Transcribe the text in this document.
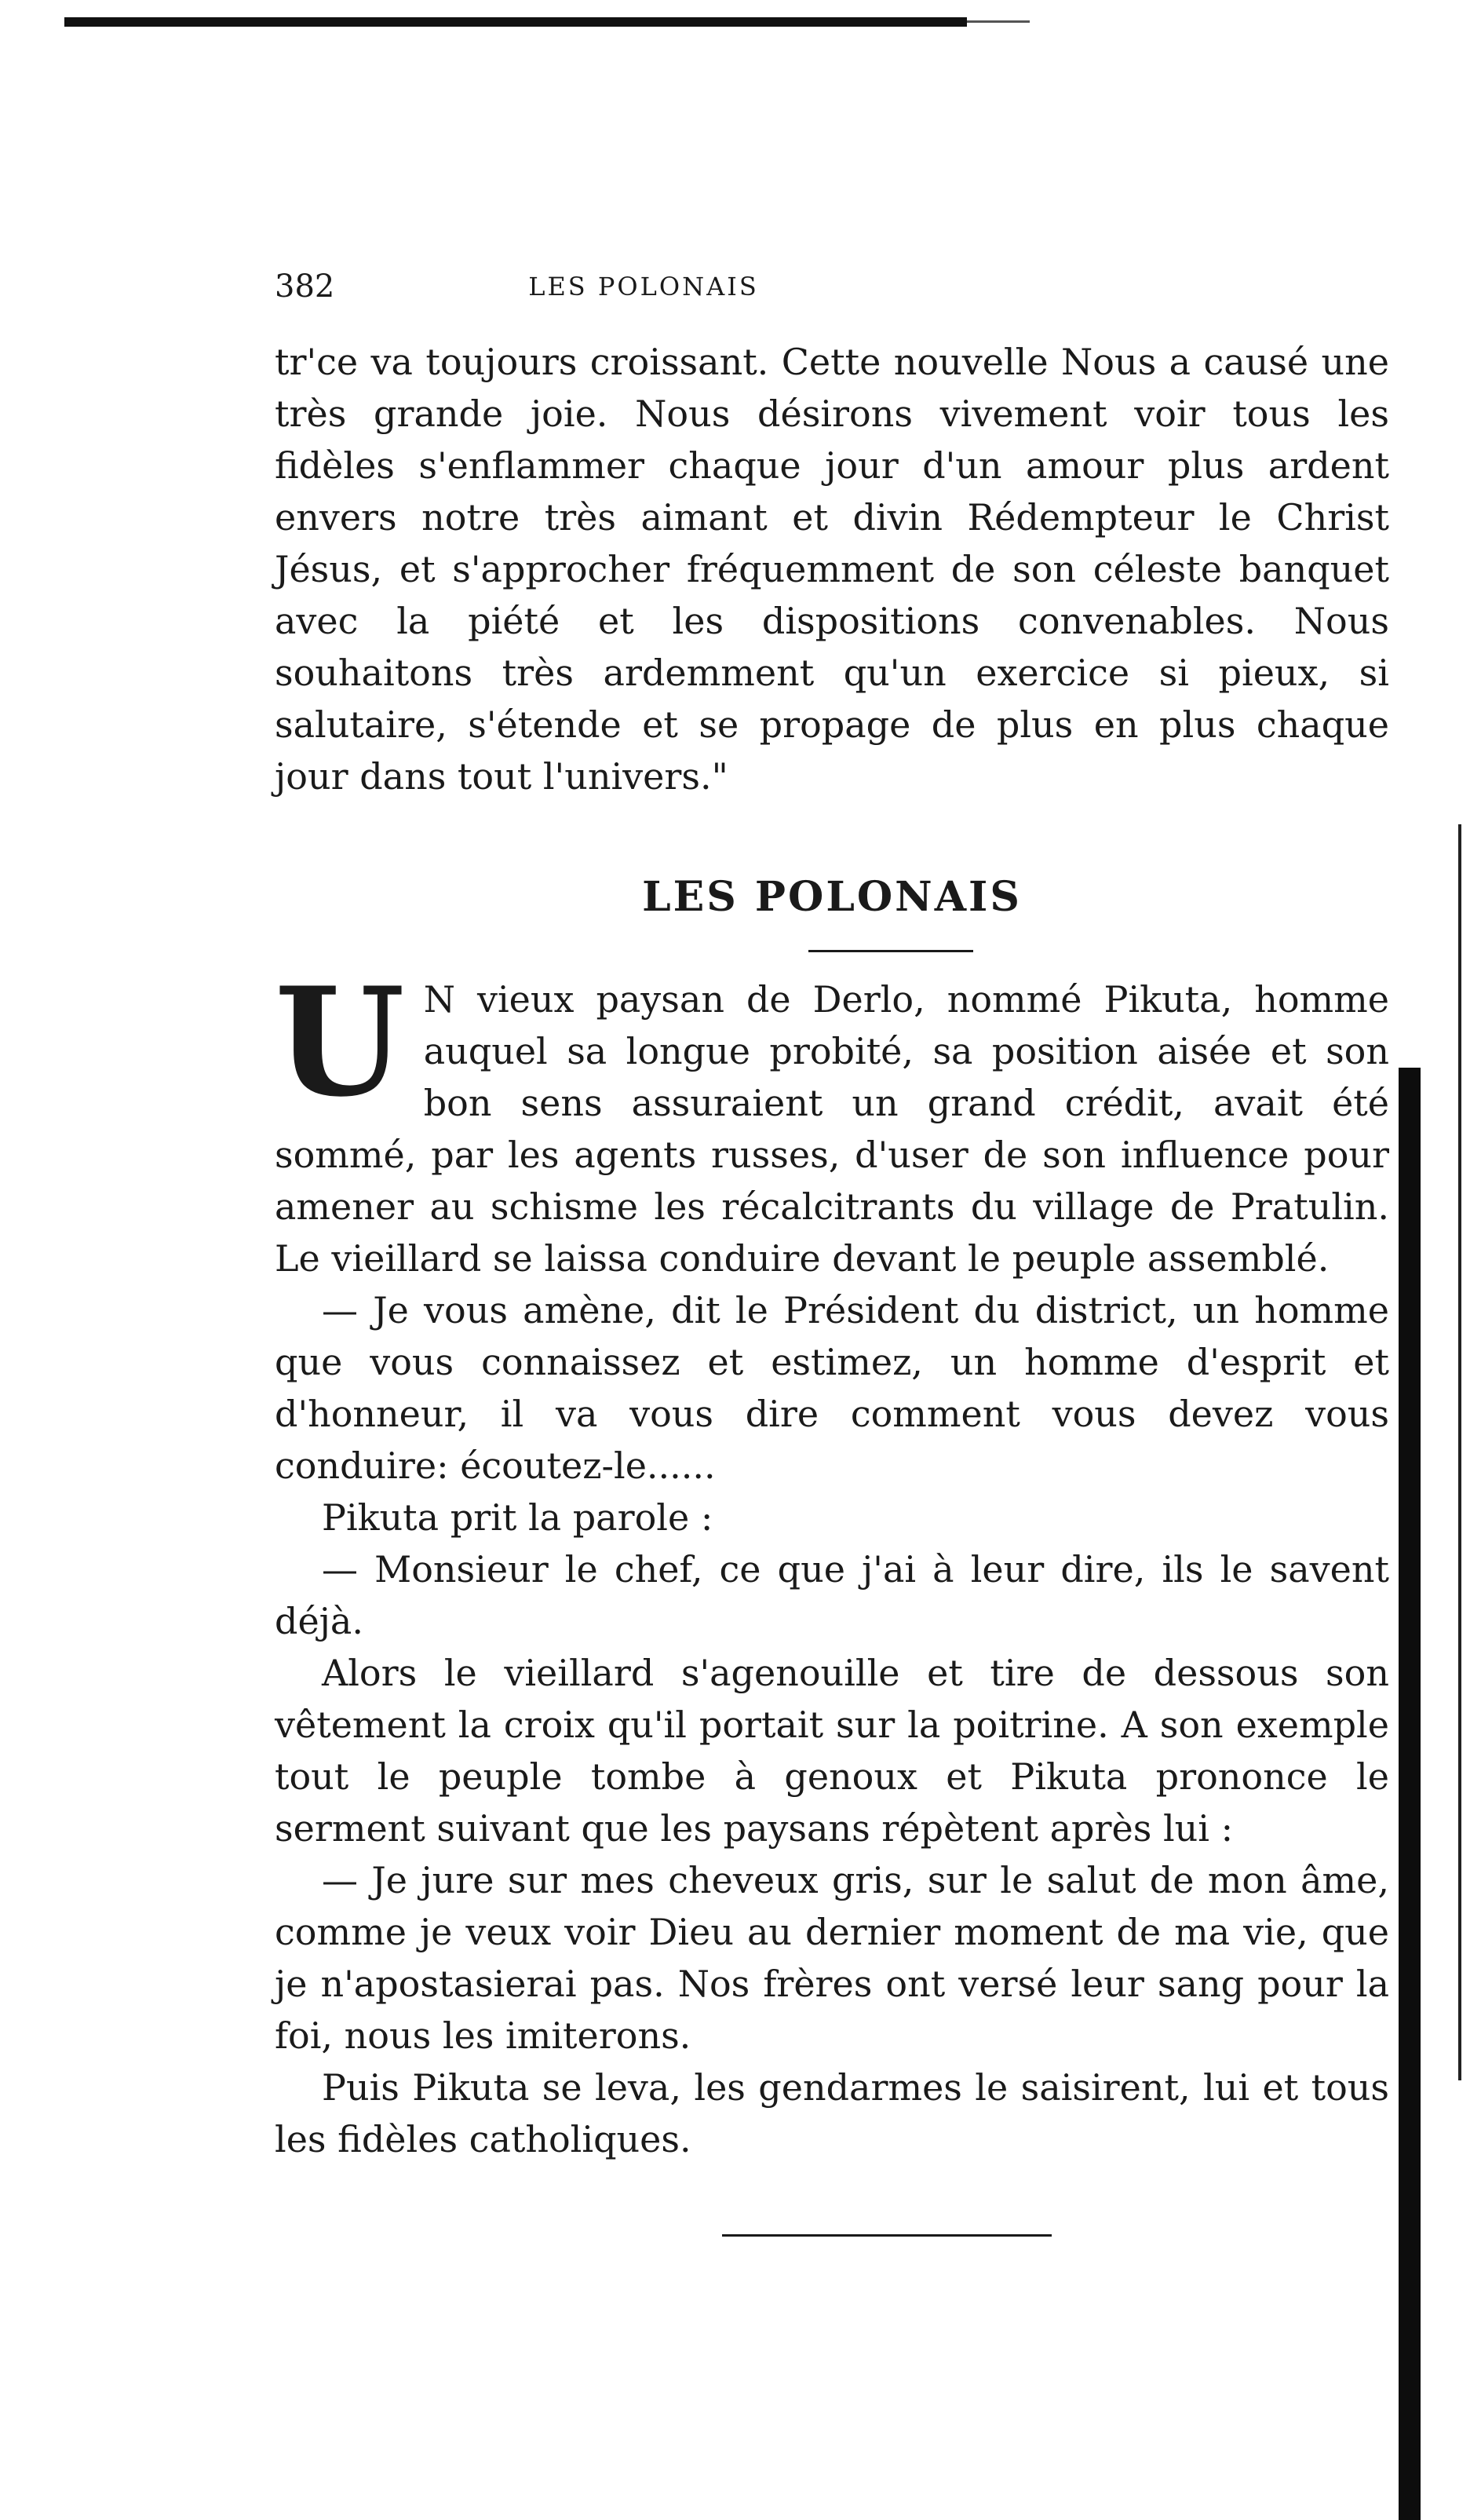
382	LES POLONAIS

tr'ce va toujours croissant. Cette nouvelle Nous a causé une très grande joie. Nous désirons vivement voir tous les fidèles s'enflammer chaque jour d'un amour plus ardent envers notre très aimant et divin Rédempteur le Christ Jésus, et s'approcher fréquemment de son céleste banquet avec la piété et les dispositions convenables. Nous souhaitons très ardemment qu'un exercice si pieux, si salutaire, s'étende et se propage de plus en plus chaque jour dans tout l'univers."

LES POLONAIS

U N vieux paysan de Derlo, nommé Pikuta, homme auquel sa longue probité, sa position aisée et son bon sens assuraient un grand crédit, avait été sommé, par les agents russes, d'user de son influence pour amener au schisme les récalcitrants du village de Pratulin. Le vieillard se laissa conduire devant le peuple assemblé.

— Je vous amène, dit le Président du district, un homme que vous connaissez et estimez, un homme d'esprit et d'honneur, il va vous dire comment vous devez vous conduire: écoutez-le......

Pikuta prit la parole :

— Monsieur le chef, ce que j'ai à leur dire, ils le savent déjà.

Alors le vieillard s'agenouille et tire de dessous son vêtement la croix qu'il portait sur la poitrine. A son exemple tout le peuple tombe à genoux et Pikuta prononce le serment suivant que les paysans répètent après lui :

— Je jure sur mes cheveux gris, sur le salut de mon âme, comme je veux voir Dieu au dernier moment de ma vie, que je n'apostasierai pas. Nos frères ont versé leur sang pour la foi, nous les imiterons.

Puis Pikuta se leva, les gendarmes le saisirent, lui et tous les fidèles catholiques.
